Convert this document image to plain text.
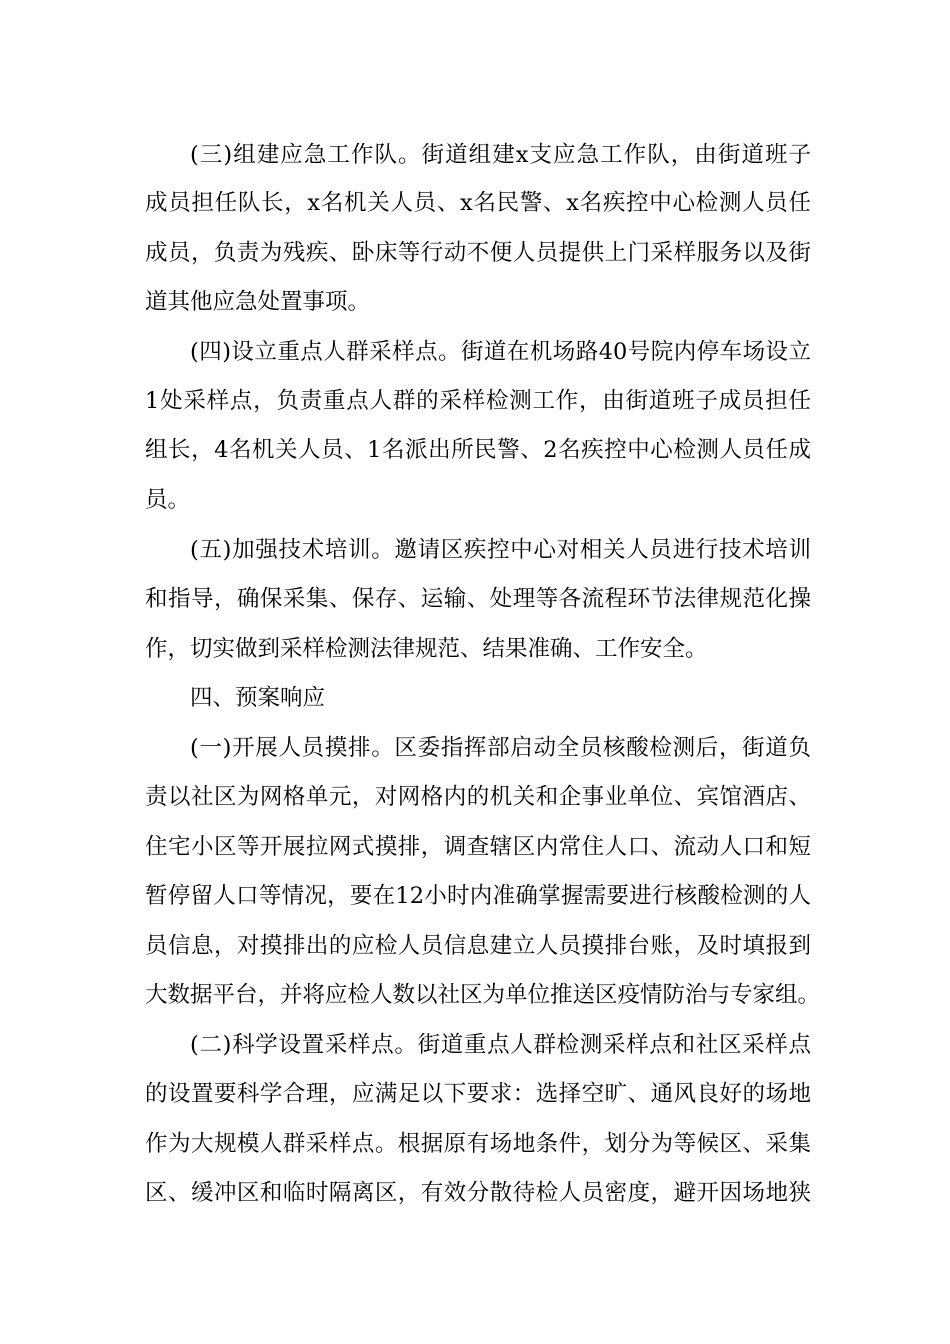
(三)组建应急工作队。街道组建x支应急工作队，由街道班子
成员担任队长，x名机关人员、x名民警、x名疾控中心检测人员任
成员，负责为残疾、卧床等行动不便人员提供上门采样服务以及街
道其他应急处置事项。
(四)设立重点人群采样点。街道在机场路40号院内停车场设立
1处采样点，负责重点人群的采样检测工作，由街道班子成员担任
组长，4名机关人员、1名派出所民警、2名疾控中心检测人员任成
员。
(五)加强技术培训。邀请区疾控中心对相关人员进行技术培训
和指导，确保采集、保存、运输、处理等各流程环节法律规范化操
作，切实做到采样检测法律规范、结果准确、工作安全。
四、预案响应
(一)开展人员摸排。区委指挥部启动全员核酸检测后，街道负
责以社区为网格单元，对网格内的机关和企事业单位、宾馆酒店、
住宅小区等开展拉网式摸排，调查辖区内常住人口、流动人口和短
暂停留人口等情况，要在12小时内准确掌握需要进行核酸检测的人
员信息，对摸排出的应检人员信息建立人员摸排台账，及时填报到
大数据平台，并将应检人数以社区为单位推送区疫情防治与专家组。
(二)科学设置采样点。街道重点人群检测采样点和社区采样点
的设置要科学合理，应满足以下要求：选择空旷、通风良好的场地
作为大规模人群采样点。根据原有场地条件，划分为等候区、采集
区、缓冲区和临时隔离区，有效分散待检人员密度，避开因场地狭
